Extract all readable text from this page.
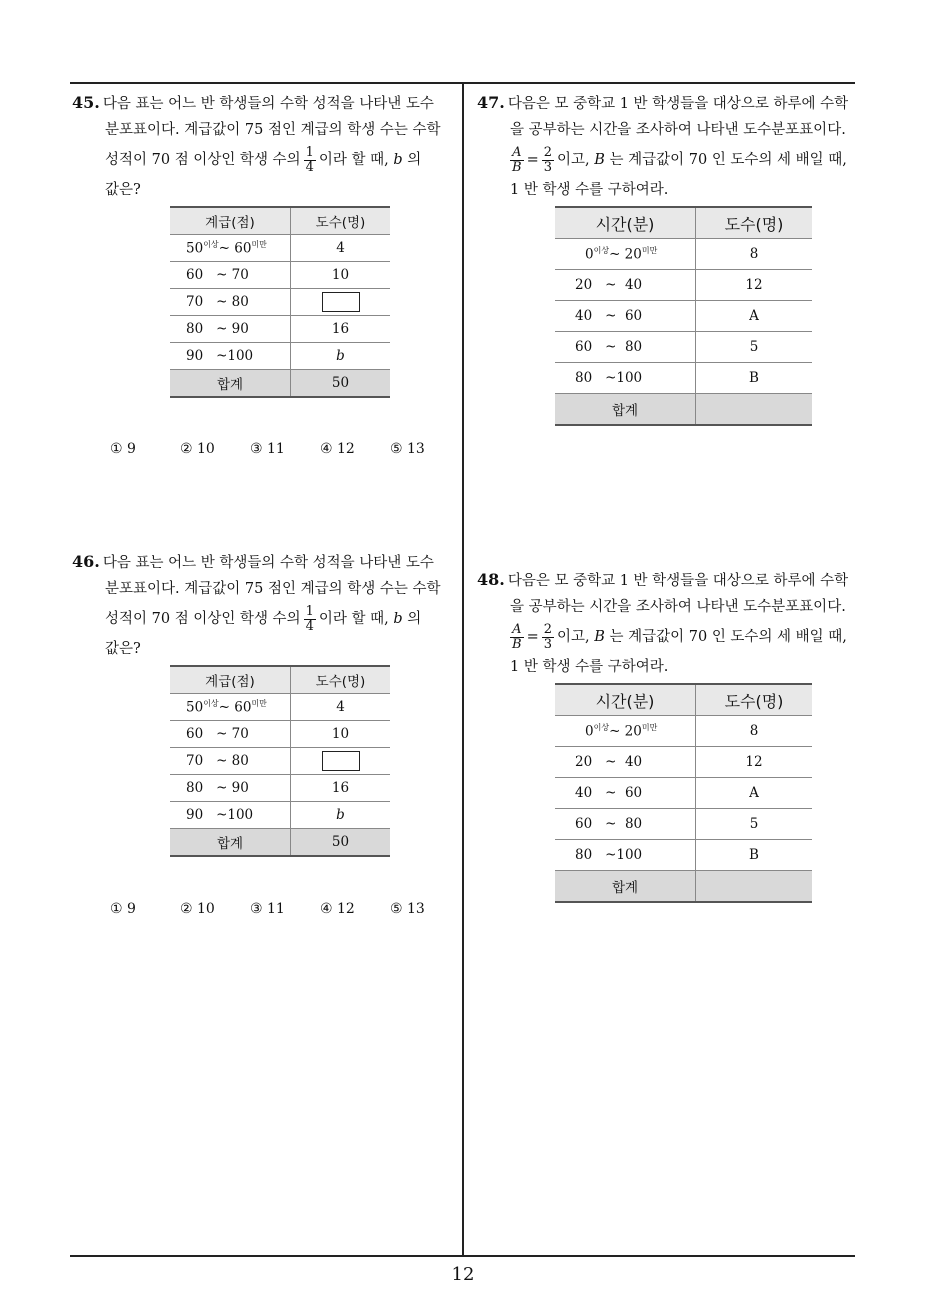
45. 다음 표는 어느 반 학생들의 수학 성적을 나타낸 도수
분포표이다. 계급값이 75 점인 계급의 학생 수는 수학
성적이 70 점 이상인 학생 수의 $\frac{1}{4}$ 이라 할 때, b 의
값은?
계급(점)	도수(명)
$50^{이상}\sim$ $60^{미만}$	4
60 ~ 70	10
70 ~ 80	
80 ~ 90	16
90 ~100	b
합계	50
① 9	② 10	③ 11	④ 12	⑤ 13
46. 다음 표는 어느 반 학생들의 수학 성적을 나타낸 도수
분포표이다. 계급값이 75 점인 계급의 학생 수는 수학
성적이 70 점 이상인 학생 수의 $\frac{1}{4}$ 이라 할 때, b 의
값은?
계급(점)	도수(명)
$50^{이상}\sim$ $60^{미만}$	4
60 ~ 70	10
70 ~ 80	
80 ~ 90	16
90 ~100	b
합계	50
① 9	② 10	③ 11	④ 12	⑤ 13
47. 다음은 모 중학교 1 반 학생들을 대상으로 하루에 수학
을 공부하는 시간을 조사하여 나타낸 도수분포표이다.
$\frac{A}{B} = \frac{2}{3}$ 이고, B 는 계급값이 70 인 도수의 세 배일 때,
1 반 학생 수를 구하여라.
시간(분)	도수(명)
$0^{이상}\sim$ $20^{미만}$	8
20 ~ 40	12
40 ~ 60	A
60 ~ 80	5
80 ~100	B
합계	
48. 다음은 모 중학교 1 반 학생들을 대상으로 하루에 수학
을 공부하는 시간을 조사하여 나타낸 도수분포표이다.
$\frac{A}{B} = \frac{2}{3}$ 이고, B 는 계급값이 70 인 도수의 세 배일 때,
1 반 학생 수를 구하여라.
시간(분)	도수(명)
$0^{이상}\sim$ $20^{미만}$	8
20 ~ 40	12
40 ~ 60	A
60 ~ 80	5
80 ~100	B
합계	
12
